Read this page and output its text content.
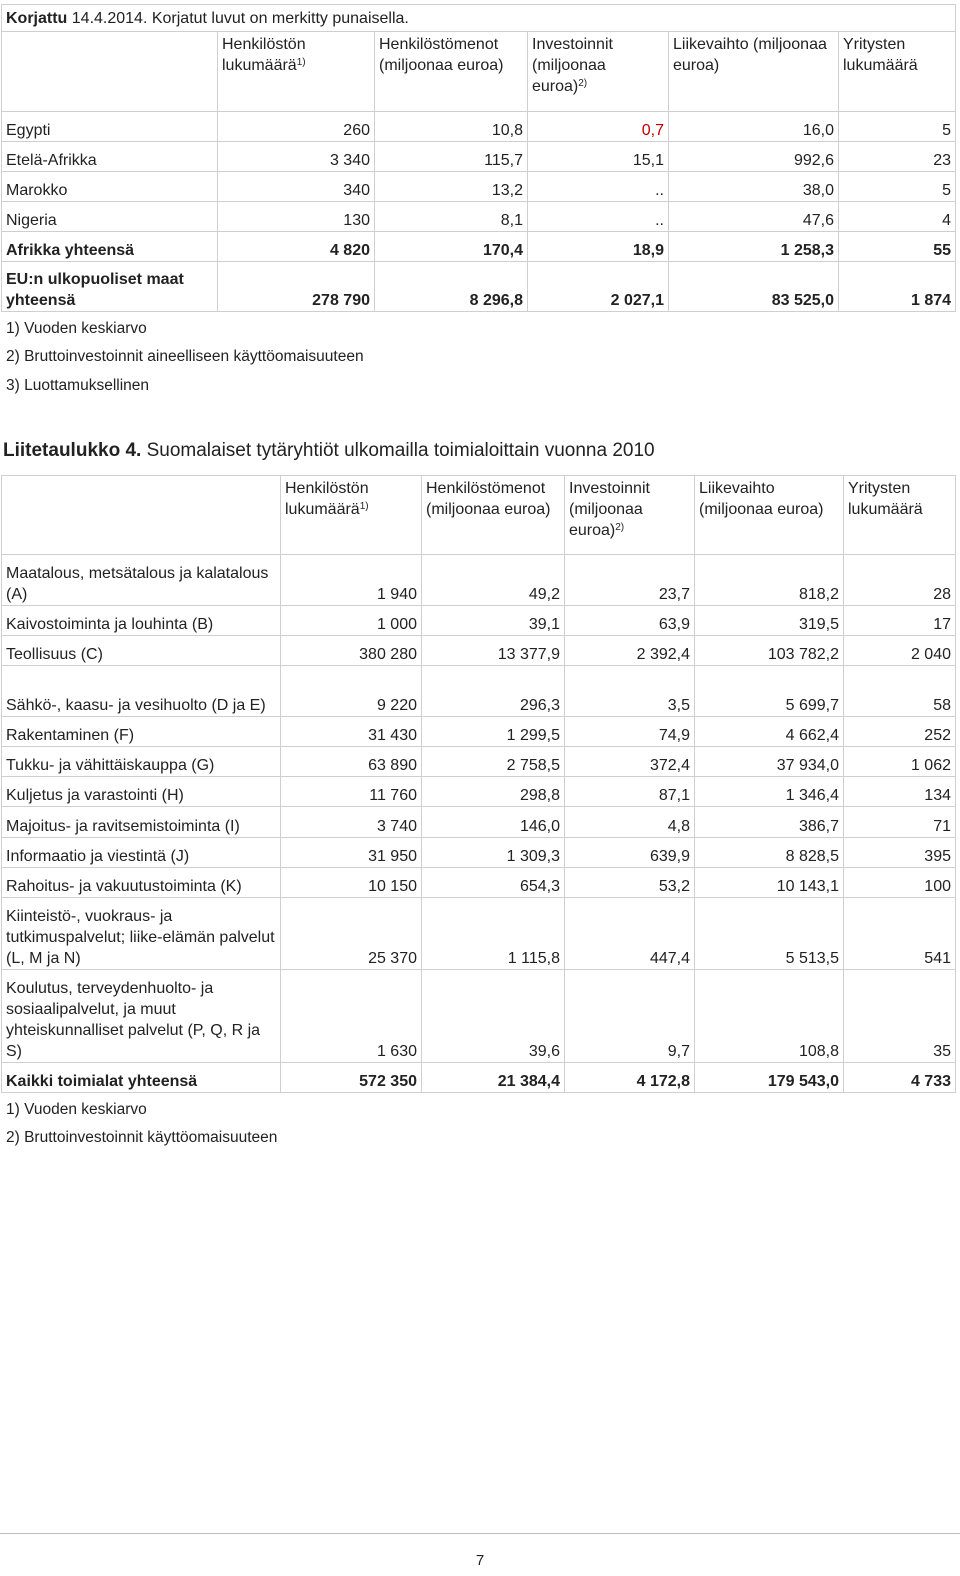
Korjattu 14.4.2014. Korjatut luvut on merkitty punaisella.					
	Henkilöstön lukumäärä$^{1)}$	Henkilöstömenot (miljoonaa euroa)	Investoinnit (miljoonaa euroa)$^{2)}$	Liikevaihto (miljoonaa euroa)	Yritysten lukumäärä
Egypti	260	10,8	0,7	16,0	5
Etelä-Afrikka	3 340	115,7	15,1	992,6	23
Marokko	340	13,2	..	38,0	5
Nigeria	130	8,1	..	47,6	4
Afrikka yhteensä	4 820	170,4	18,9	1 258,3	55
EU:n ulkopuoliset maat yhteensä	278 790	8 296,8	2 027,1	83 525,0	1 874
1) Vuoden keskiarvo
2) Bruttoinvestoinnit aineelliseen käyttöomaisuuteen
3) Luottamuksellinen
Liitetaulukko 4. Suomalaiset tytäryhtiöt ulkomailla toimialoittain vuonna 2010
	Henkilöstön lukumäärä$^{1)}$	Henkilöstömenot (miljoonaa euroa)	Investoinnit (miljoonaa euroa)$^{2)}$	Liikevaihto (miljoonaa euroa)	Yritysten lukumäärä
Maatalous, metsätalous ja kalatalous (A)	1 940	49,2	23,7	818,2	28
Kaivostoiminta ja louhinta (B)	1 000	39,1	63,9	319,5	17
Teollisuus (C)	380 280	13 377,9	2 392,4	103 782,2	2 040
Sähkö-, kaasu- ja vesihuolto (D ja E)	9 220	296,3	3,5	5 699,7	58
Rakentaminen (F)	31 430	1 299,5	74,9	4 662,4	252
Tukku- ja vähittäiskauppa (G)	63 890	2 758,5	372,4	37 934,0	1 062
Kuljetus ja varastointi (H)	11 760	298,8	87,1	1 346,4	134
Majoitus- ja ravitsemistoiminta (I)	3 740	146,0	4,8	386,7	71
Informaatio ja viestintä (J)	31 950	1 309,3	639,9	8 828,5	395
Rahoitus- ja vakuutustoiminta (K)	10 150	654,3	53,2	10 143,1	100
Kiinteistö-, vuokraus- ja tutkimuspalvelut; liike-elämän palvelut (L, M ja N)	25 370	1 115,8	447,4	5 513,5	541
Koulutus, terveydenhuolto- ja sosiaalipalvelut, ja muut yhteiskunnalliset palvelut (P, Q, R ja S)	1 630	39,6	9,7	108,8	35
Kaikki toimialat yhteensä	572 350	21 384,4	4 172,8	179 543,0	4 733
1) Vuoden keskiarvo
2) Bruttoinvestoinnit käyttöomaisuuteen
7
